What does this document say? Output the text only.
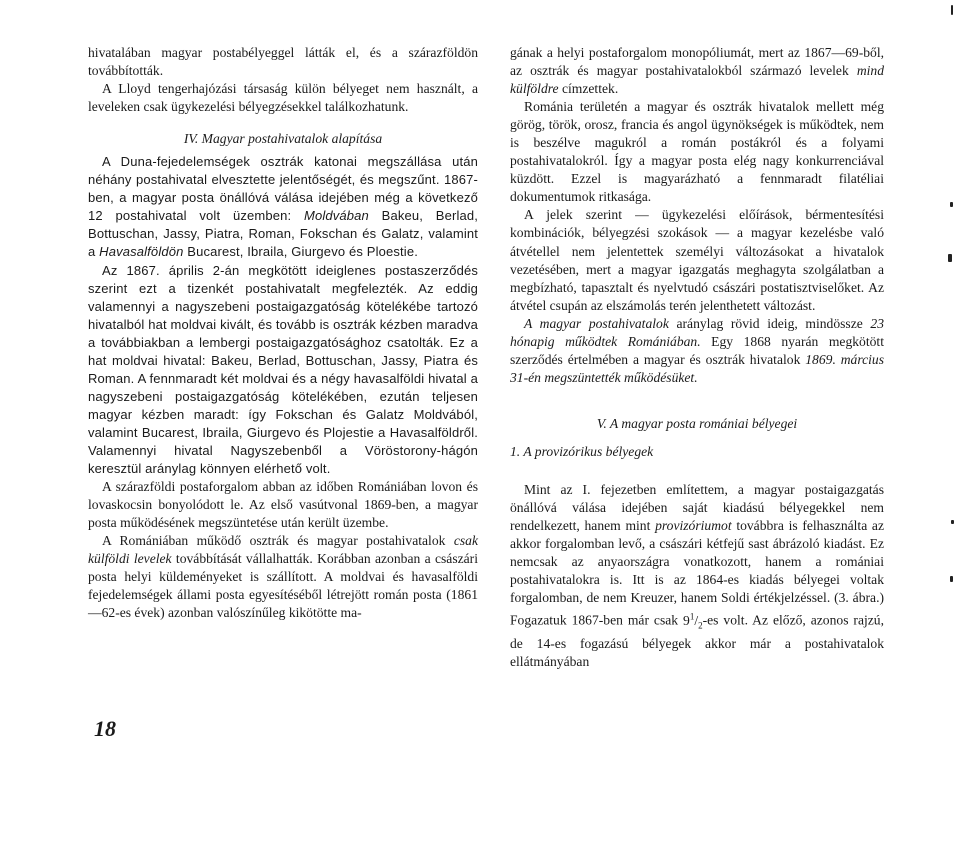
hivatalában magyar postabélyeggel látták el, és a szárazföldön továbbították.

A Lloyd tengerhajózási társaság külön bélyeget nem használt, a leveleken csak ügykezelési bélyegzésekkel találkozhatunk.

IV. Magyar postahivatalok alapítása

A Duna-fejedelemségek osztrák katonai megszállása után néhány postahivatal elvesztette jelentőségét, és megszűnt. 1867-ben, a magyar posta önállóvá válása idejében még a következő 12 postahivatal volt üzemben: Moldvában Bakeu, Berlad, Bottuschan, Jassy, Piatra, Roman, Fokschan és Galatz, valamint a Havasalföldön Bucarest, Ibraila, Giurgevo és Ploestie.

Az 1867. április 2-án megkötött ideiglenes postaszerződés szerint ezt a tizenkét postahivatalt megfelezték. Az eddig valamennyi a nagyszebeni postaigazgatóság kötelékébe tartozó hivatalból hat moldvai kivált, és tovább is osztrák kézben maradva a továbbiakban a lembergi postaigazgatósághoz csatolták. Ez a hat moldvai hivatal: Bakeu, Berlad, Bottuschan, Jassy, Piatra és Roman. A fennmaradt két moldvai és a négy havasalföldi hivatal a nagyszebeni postaigazgatóság kötelékében, ezután teljesen magyar kézben maradt: így Fokschan és Galatz Moldvából, valamint Bucarest, Ibraila, Giurgevo és Plojestie a Havasalföldről. Valamennyi hivatal Nagyszebenből a Vöröstorony-hágón keresztül aránylag könnyen elérhető volt.

A szárazföldi postaforgalom abban az időben Romániában lovon és lovaskocsin bonyolódott le. Az első vasútvonal 1869-ben, a magyar posta működésének megszüntetése után került üzembe.

A Romániában működő osztrák és magyar postahivatalok csak külföldi levelek továbbítását vállalhatták. Korábban azonban a császári posta helyi küldeményeket is szállított. A moldvai és havasalföldi fejedelemségek állami posta egyesítéséből létrejött román posta (1861—62-es évek) azonban valószínűleg kikötötte ma-

gának a helyi postaforgalom monopóliumát, mert az 1867—69-ből, az osztrák és magyar postahivatalokból származó levelek mind külföldre címzettek.

Románia területén a magyar és osztrák hivatalok mellett még görög, török, orosz, francia és angol ügynökségek is működtek, nem is beszélve magukról a román postákról és a folyami postahivatalokról. Így a magyar posta elég nagy konkurrenciával küzdött. Ezzel is magyarázható a fennmaradt filatéliai dokumentumok ritkasága.

A jelek szerint — ügykezelési előírások, bérmentesítési kombinációk, bélyegzési szokások — a magyar kezelésbe való átvétellel nem jelentettek személyi változásokat a hivatalok vezetésében, mert a magyar igazgatás meghagyta szolgálatban a megbízható, tapasztalt és nyelvtudó császári postatisztviselőket. Az átvétel csupán az elszámolás terén jelenthetett változást.

A magyar postahivatalok aránylag rövid ideig, mindössze 23 hónapig működtek Romániában. Egy 1868 nyarán megkötött szerződés értelmében a magyar és osztrák hivatalok 1869. március 31-én megszüntették működésüket.

V. A magyar posta romániai bélyegei

1. A provizórikus bélyegek

Mint az I. fejezetben említettem, a magyar postaigazgatás önállóvá válása idejében saját kiadású bélyegekkel nem rendelkezett, hanem mint provizóriumot továbbra is felhasználta az akkor forgalomban levő, a császári kétfejű sast ábrázoló kiadást. Ez nemcsak az anyaországra vonatkozott, hanem a romániai postahivatalokra is. Itt is az 1864-es kiadás bélyegei voltak forgalomban, de nem Kreuzer, hanem Soldi értékjelzéssel. (3. ábra.) Fogazatuk 1867-ben már csak $9^1/_2-es$ volt. Az előző, azonos rajzú, de 14-es fogazású bélyegek akkor már a postahivatalok ellátmányában

18
